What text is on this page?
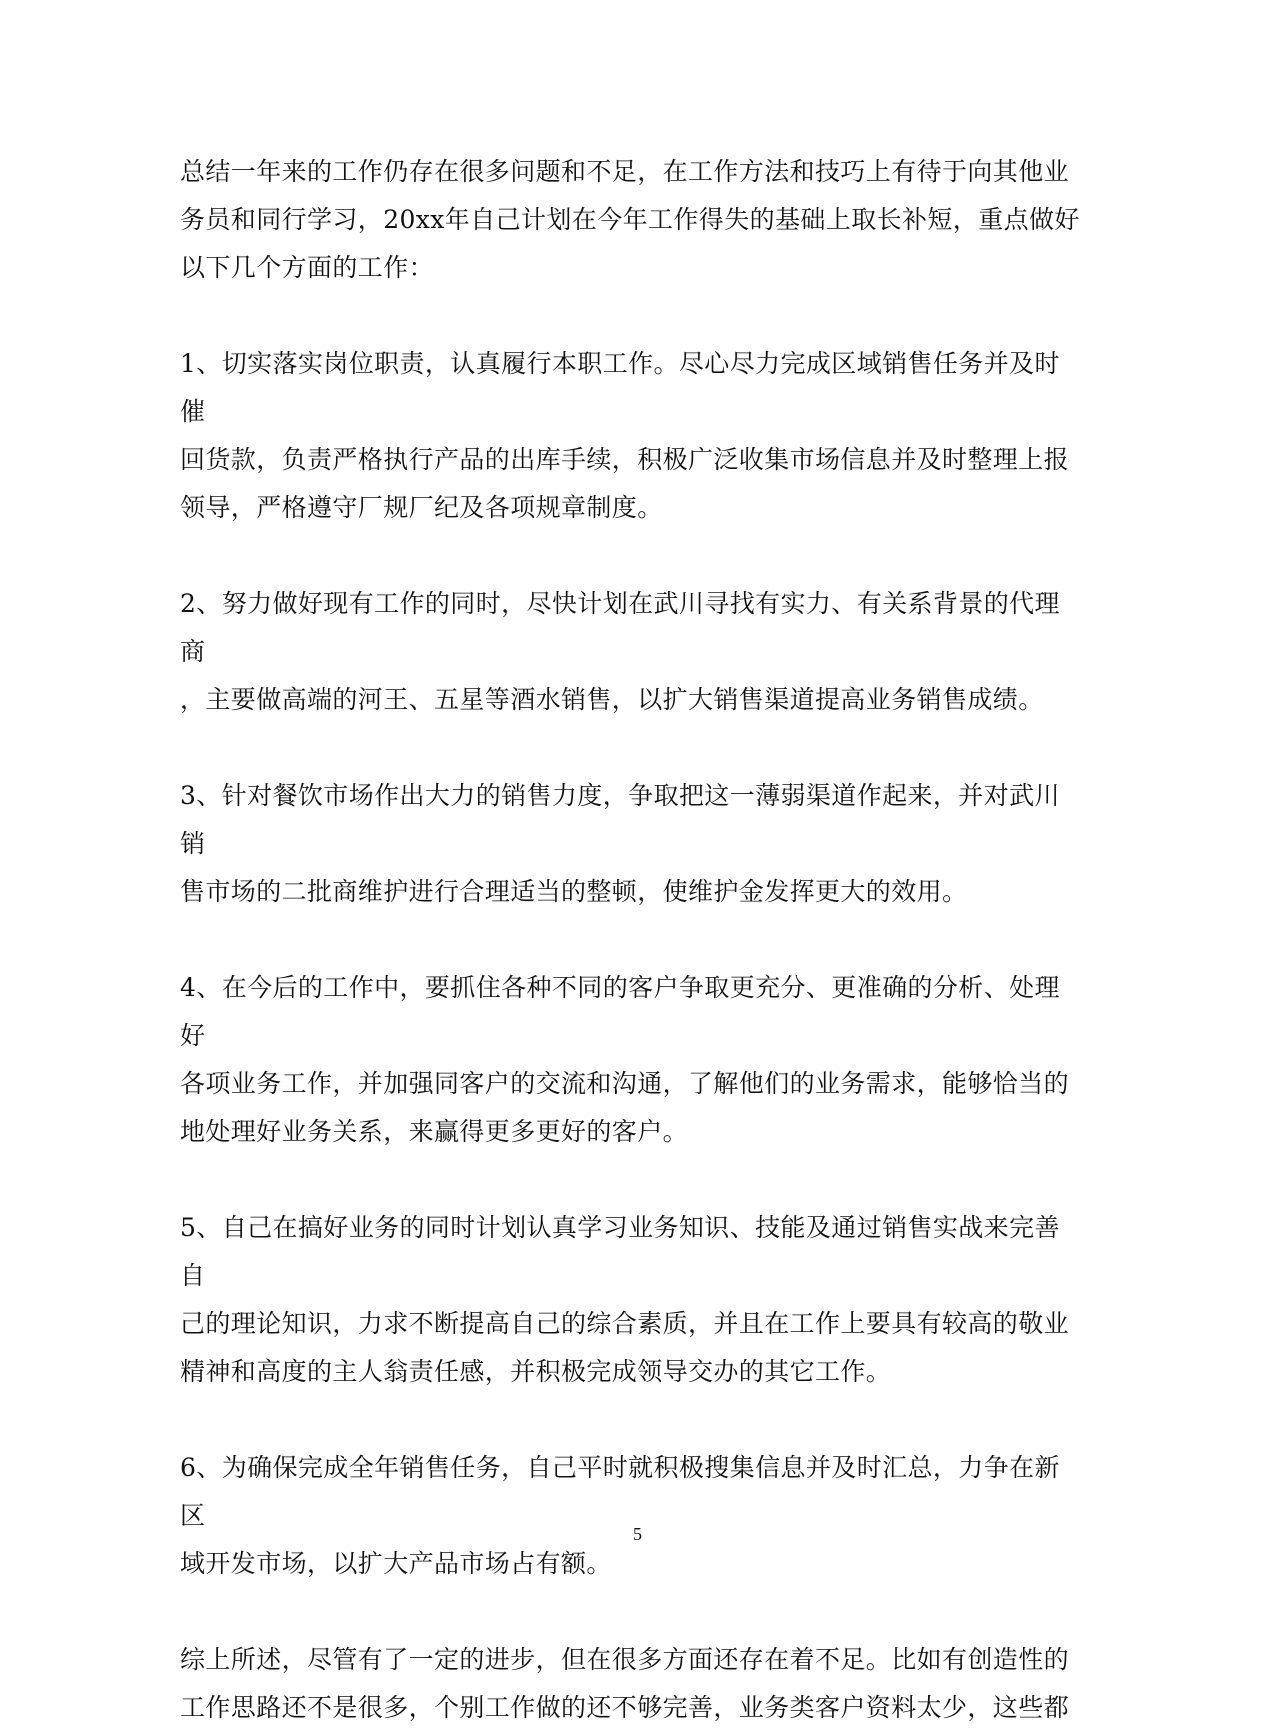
总结一年来的工作仍存在很多问题和不足，在工作方法和技巧上有待于向其他业
务员和同行学习，20xx年自己计划在今年工作得失的基础上取长补短，重点做好
以下几个方面的工作：

1、切实落实岗位职责，认真履行本职工作。尽心尽力完成区域销售任务并及时催
回货款，负责严格执行产品的出库手续，积极广泛收集市场信息并及时整理上报
领导，严格遵守厂规厂纪及各项规章制度。

2、努力做好现有工作的同时，尽快计划在武川寻找有实力、有关系背景的代理商
，主要做高端的河王、五星等酒水销售，以扩大销售渠道提高业务销售成绩。

3、针对餐饮市场作出大力的销售力度，争取把这一薄弱渠道作起来，并对武川销
售市场的二批商维护进行合理适当的整顿，使维护金发挥更大的效用。

4、在今后的工作中，要抓住各种不同的客户争取更充分、更准确的分析、处理好
各项业务工作，并加强同客户的交流和沟通，了解他们的业务需求，能够恰当的
地处理好业务关系，来赢得更多更好的客户。

5、自己在搞好业务的同时计划认真学习业务知识、技能及通过销售实战来完善自
己的理论知识，力求不断提高自己的综合素质，并且在工作上要具有较高的敬业
精神和高度的主人翁责任感，并积极完成领导交办的其它工作。

6、为确保完成全年销售任务，自己平时就积极搜集信息并及时汇总，力争在新区
域开发市场，以扩大产品市场占有额。

综上所述，尽管有了一定的进步，但在很多方面还存在着不足。比如有创造性的
工作思路还不是很多，个别工作做的还不够完善，业务类客户资料太少，这些都

5
